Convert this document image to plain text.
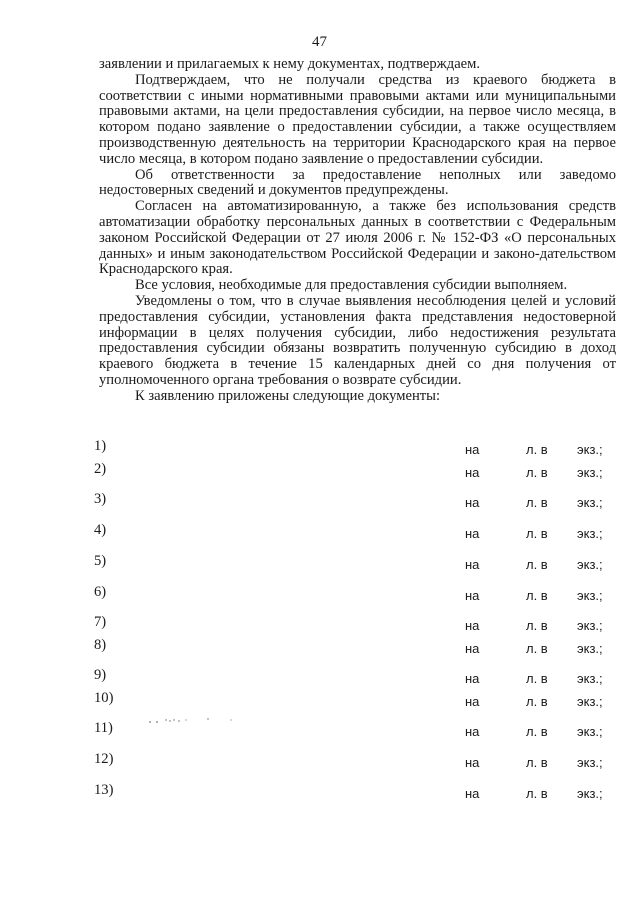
47

заявлении и прилагаемых к нему документах, подтверждаем.

Подтверждаем, что не получали средства из краевого бюджета в соответствии с иными нормативными правовыми актами или муниципальными правовыми актами, на цели предоставления субсидии, на первое число месяца, в котором подано заявление о предоставлении субсидии, а также осуществляем производственную деятельность на территории Краснодарского края на первое число месяца, в котором подано заявление о предоставлении субсидии.

Об ответственности за предоставление неполных или заведомо недостоверных сведений и документов предупреждены.

Согласен на автоматизированную, а также без использования средств автоматизации обработку персональных данных в соответствии с Федеральным законом Российской Федерации от 27 июля 2006 г. № 152-ФЗ «О персональных данных» и иным законодательством Российской Федерации и законо-дательством Краснодарского края.

Все условия, необходимые для предоставления субсидии выполняем.

Уведомлены о том, что в случае выявления несоблюдения целей и условий предоставления субсидии, установления факта представления недостоверной информации в целях получения субсидии, либо недостижения результата предоставления субсидии обязаны возвратить полученную субсидию в доход краевого бюджета в течение 15 календарных дней со дня получения от уполномоченного органа требования о возврате субсидии.

К заявлению приложены следующие документы:

1)	на	л. в экз.;
2)	на	л. в экз.;
3)	на	л. в экз.;
4)	на	л. в экз.;
5)	на	л. в экз.;
6)	на	л. в экз.;
7)	на	л. в экз.;
8)	на	л. в экз.;
9)	на	л. в экз.;
10)	на	л. в экз.;
11)	на	л. в экз.;
12)	на	л. в экз.;
13)	на	л. в экз.;
